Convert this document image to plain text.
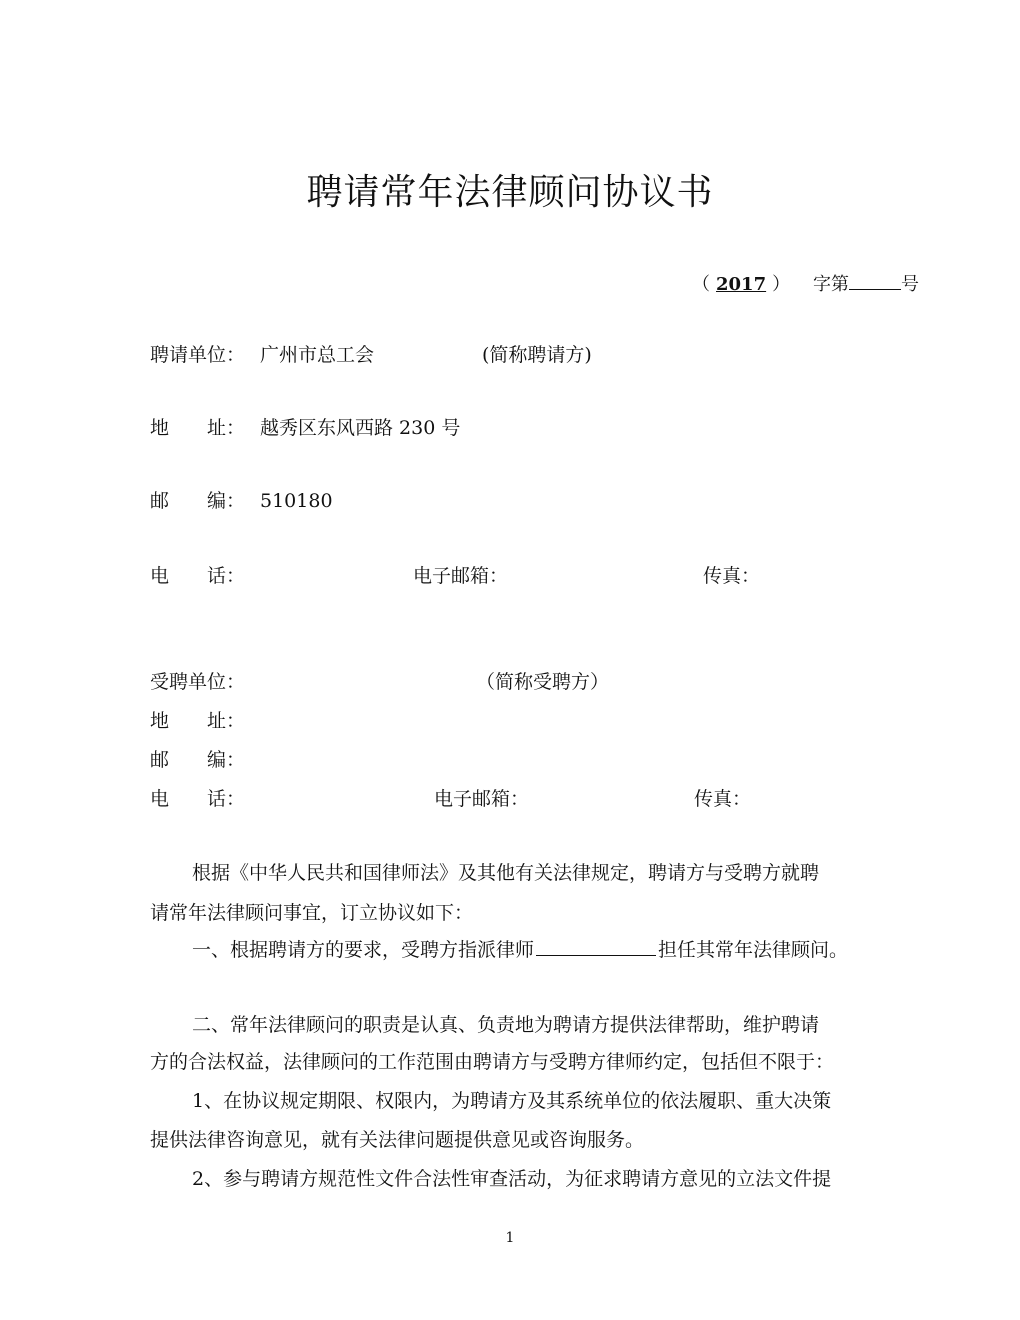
聘请常年法律顾问协议书
（ 2017 ） 字第	号
聘请单位： 广州市总工会	(简称聘请方)
地　　址： 越秀区东风西路 230 号
邮　　编： 510180
电　　话：	电子邮箱：	传真：
受聘单位：	（简称受聘方）
地　　址：
邮　　编：
电　　话：	电子邮箱：	传真：
根据《中华人民共和国律师法》及其他有关法律规定，聘请方与受聘方就聘
请常年法律顾问事宜，订立协议如下：
一、根据聘请方的要求，受聘方指派律师	担任其常年法律顾问。
二、常年法律顾问的职责是认真、负责地为聘请方提供法律帮助，维护聘请
方的合法权益，法律顾问的工作范围由聘请方与受聘方律师约定，包括但不限于：
1、在协议规定期限、权限内，为聘请方及其系统单位的依法履职、重大决策
提供法律咨询意见，就有关法律问题提供意见或咨询服务。
2、参与聘请方规范性文件合法性审查活动，为征求聘请方意见的立法文件提
1
